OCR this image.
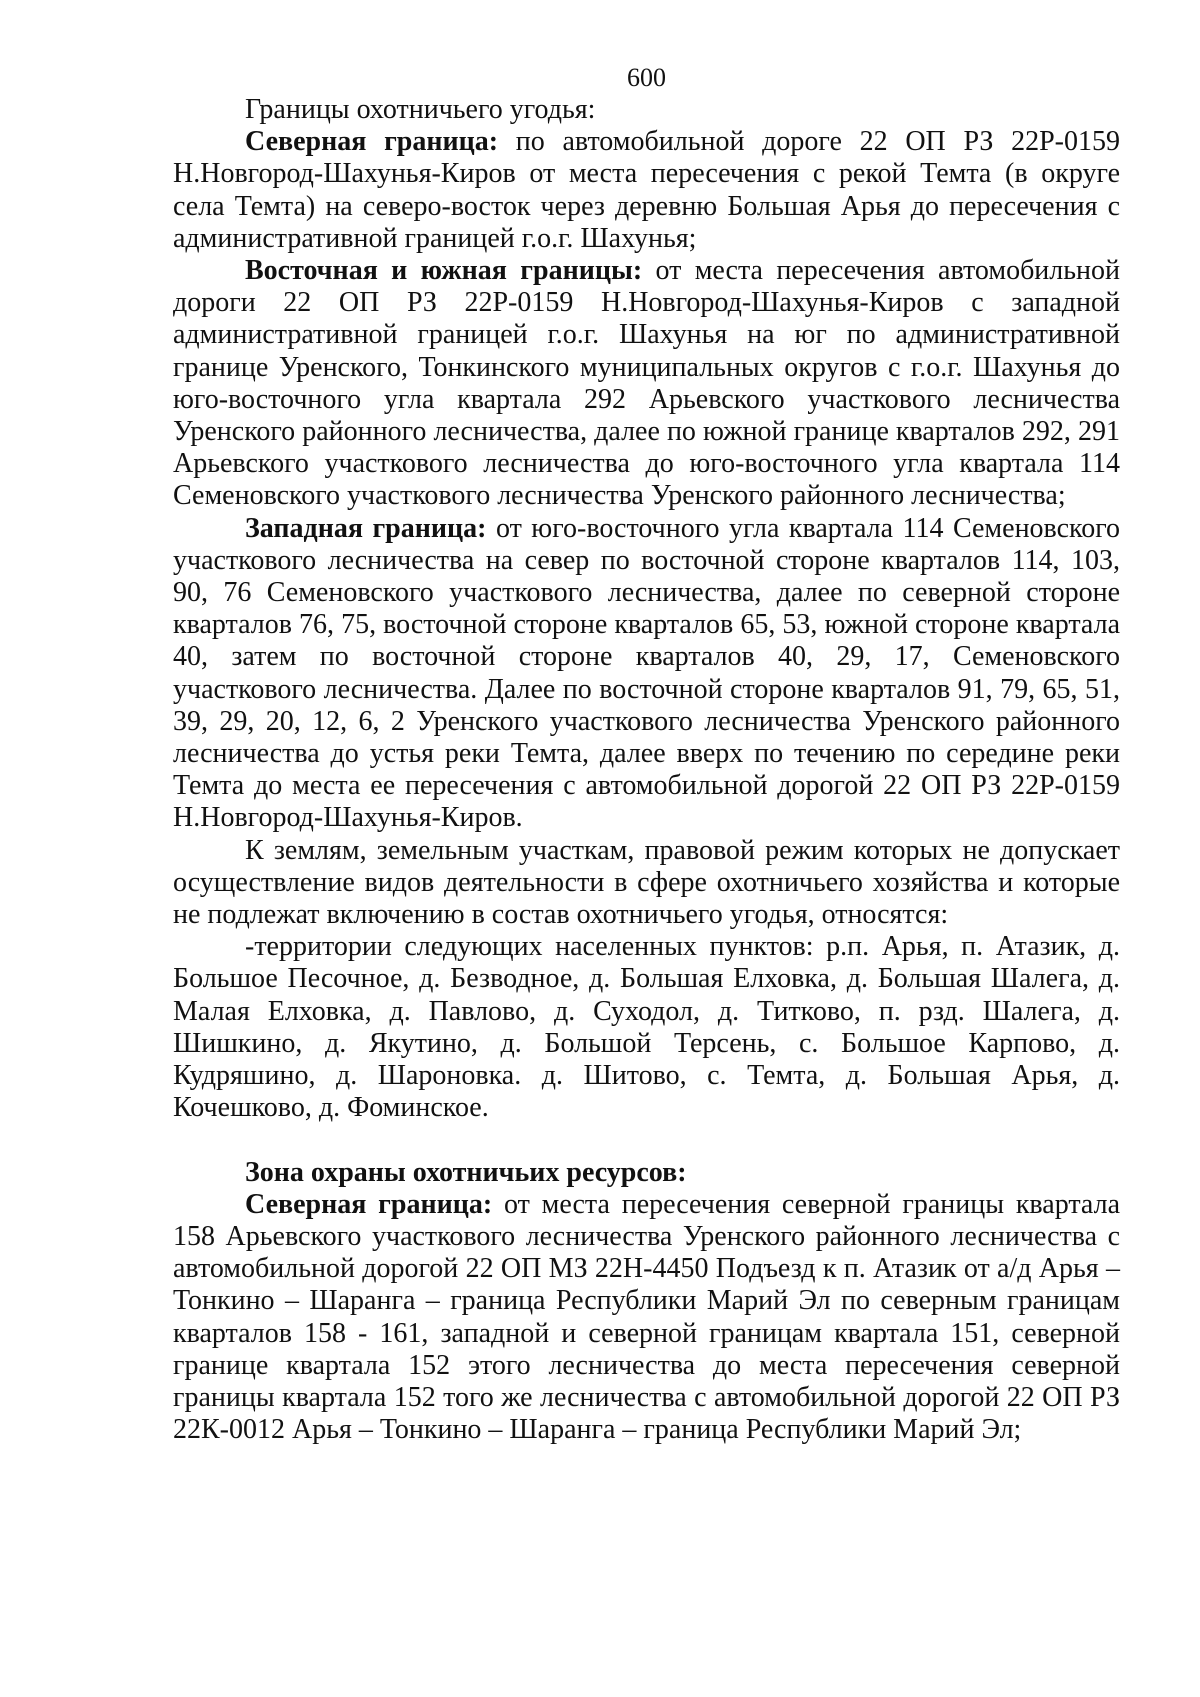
600

Границы охотничьего угодья:

Северная граница: по автомобильной дороге 22 ОП РЗ 22Р-0159 Н.Новгород-Шахунья-Киров от места пересечения с рекой Темта (в округе села Темта) на северо-восток через деревню Большая Арья до пересечения с административной границей г.о.г. Шахунья;

Восточная и южная границы: от места пересечения автомобильной дороги 22 ОП РЗ 22Р-0159 Н.Новгород-Шахунья-Киров с западной административной границей г.о.г. Шахунья на юг по административной границе Уренского, Тонкинского муниципальных округов с г.о.г. Шахунья до юго-восточного угла квартала 292 Арьевского участкового лесничества Уренского районного лесничества, далее по южной границе кварталов 292, 291 Арьевского участкового лесничества до юго-восточного угла квартала 114 Семеновского участкового лесничества Уренского районного лесничества;

Западная граница: от юго-восточного угла квартала 114 Семеновского участкового лесничества на север по восточной стороне кварталов 114, 103, 90, 76 Семеновского участкового лесничества, далее по северной стороне кварталов 76, 75, восточной стороне кварталов 65, 53, южной стороне квартала 40, затем по восточной стороне кварталов 40, 29, 17, Семеновского участкового лесничества. Далее по восточной стороне кварталов 91, 79, 65, 51, 39, 29, 20, 12, 6, 2 Уренского участкового лесничества Уренского районного лесничества до устья реки Темта, далее вверх по течению по середине реки Темта до места ее пересечения с автомобильной дорогой 22 ОП РЗ 22Р-0159 Н.Новгород-Шахунья-Киров.

К землям, земельным участкам, правовой режим которых не допускает осуществление видов деятельности в сфере охотничьего хозяйства и которые не подлежат включению в состав охотничьего угодья, относятся:

-территории следующих населенных пунктов: р.п. Арья, п. Атазик, д. Большое Песочное, д. Безводное, д. Большая Елховка, д. Большая Шалега, д. Малая Елховка, д. Павлово, д. Суходол, д. Титково, п. рзд. Шалега, д. Шишкино, д. Якутино, д. Большой Терсень, с. Большое Карпово, д. Кудряшино, д. Шароновка. д. Шитово, с. Темта, д. Большая Арья, д. Кочешково, д. Фоминское.

Зона охраны охотничьих ресурсов:

Северная граница: от места пересечения северной границы квартала 158 Арьевского участкового лесничества Уренского районного лесничества с автомобильной дорогой 22 ОП МЗ 22Н-4450 Подъезд к п. Атазик от а/д Арья – Тонкино – Шаранга – граница Республики Марий Эл по северным границам кварталов 158 - 161, западной и северной границам квартала 151, северной границе квартала 152 этого лесничества до места пересечения северной границы квартала 152 того же лесничества с автомобильной дорогой 22 ОП РЗ 22К-0012 Арья – Тонкино – Шаранга – граница Республики Марий Эл;
